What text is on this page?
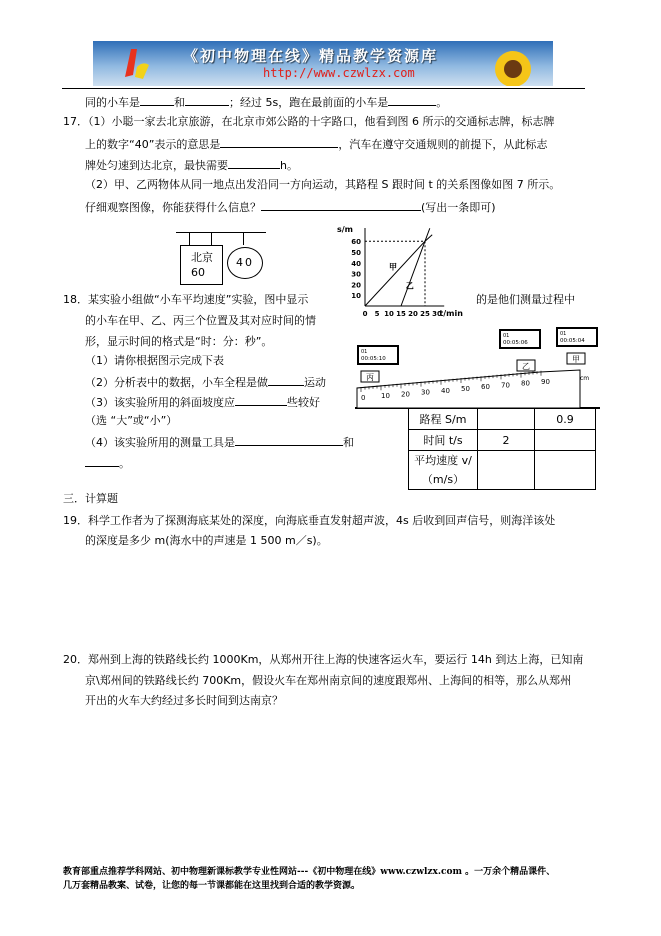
《初中物理在线》精品教学资源库
http://www.czwlzx.com
同的小车是	和	；经过 5s，跑在最前面的小车是	。
17．（1）小聪一家去北京旅游，在北京市郊公路的十字路口，他看到图 6 所示的交通标志牌，标志牌
上的数字“40”表示的意思是	，汽车在遵守交通规则的前提下，从此标志
牌处匀速到达北京，最快需要	h。
（2）甲、乙两物体从同一地点出发沿同一方向运动，其路程 S 跟时间 t 的关系图像如图 7 所示。
仔细观察图像，你能获得什么信息？	(写出一条即可)
北京
60
40
s/m
t/min
10
20
30
40
50
60
0 5 10 15 20 25 30
甲
乙
18．某实验小组做“小车平均速度”实验，图中显示	的是他们测量过程中
的小车在甲、乙、丙三个位置及其对应时间的情
形，显示时间的格式是“时：分：秒”。
（1）请你根据图示完成下表
（2）分析表中的数据，小车全程是做	运动
（3）该实验所用的斜面坡度应	些较好
（选 “大”或“小”）
（4）该实验所用的测量工具是	和
。
0 10 20 30 40 50 60 70 80 90	cm
01
00:05:10
01
00:05:06
01
00:05:04
丙
乙
甲
路程 S/m		0.9
时间 t/s	2	
平均速度 v/（m/s）		
三．计算题
19．科学工作者为了探测海底某处的深度，向海底垂直发射超声波，4s 后收到回声信号，则海洋该处
的深度是多少 m(海水中的声速是 1 500 m／s)。
20．郑州到上海的铁路线长约 1000Km，从郑州开往上海的快速客运火车，要运行 14h 到达上海，已知南
京\郑州间的铁路线长约 700Km，假设火车在郑州南京间的速度跟郑州、上海间的相等，那么从郑州
开出的火车大约经过多长时间到达南京？
教育部重点推荐学科网站、初中物理新课标教学专业性网站---《初中物理在线》www.czwlzx.com 。一万余个精品课件、
几万套精品教案、试卷，让您的每一节课都能在这里找到合适的教学资源。
